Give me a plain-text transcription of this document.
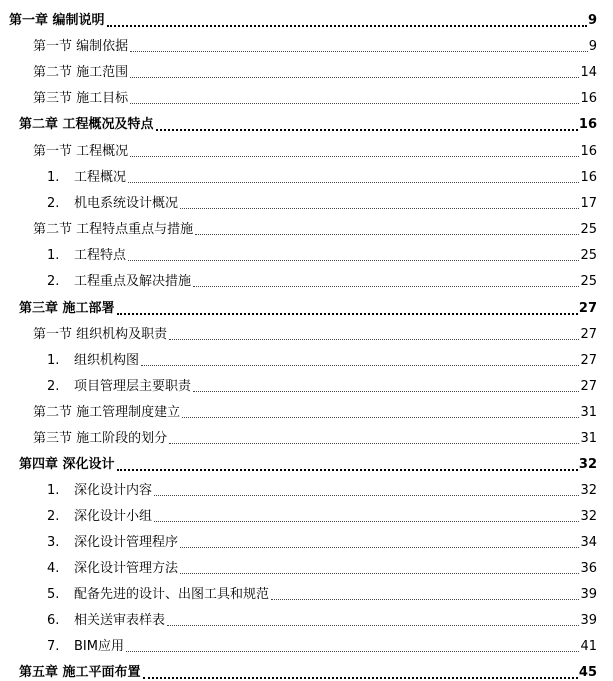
第一章 编制说明	9
第一节 编制依据	9
第二节 施工范围	14
第三节 施工目标	16
第二章 工程概况及特点	16
第一节 工程概况	16
1.	工程概况	16
2.	机电系统设计概况	17
第二节 工程特点重点与措施	25
1.	工程特点	25
2.	工程重点及解决措施	25
第三章 施工部署	27
第一节 组织机构及职责	27
1.	组织机构图	27
2.	项目管理层主要职责	27
第二节 施工管理制度建立	31
第三节 施工阶段的划分	31
第四章 深化设计	32
1.	深化设计内容	32
2.	深化设计小组	32
3.	深化设计管理程序	34
4.	深化设计管理方法	36
5.	配备先进的设计、出图工具和规范	39
6.	相关送审表样表	39
7.	BIM应用	41
第五章 施工平面布置	45
